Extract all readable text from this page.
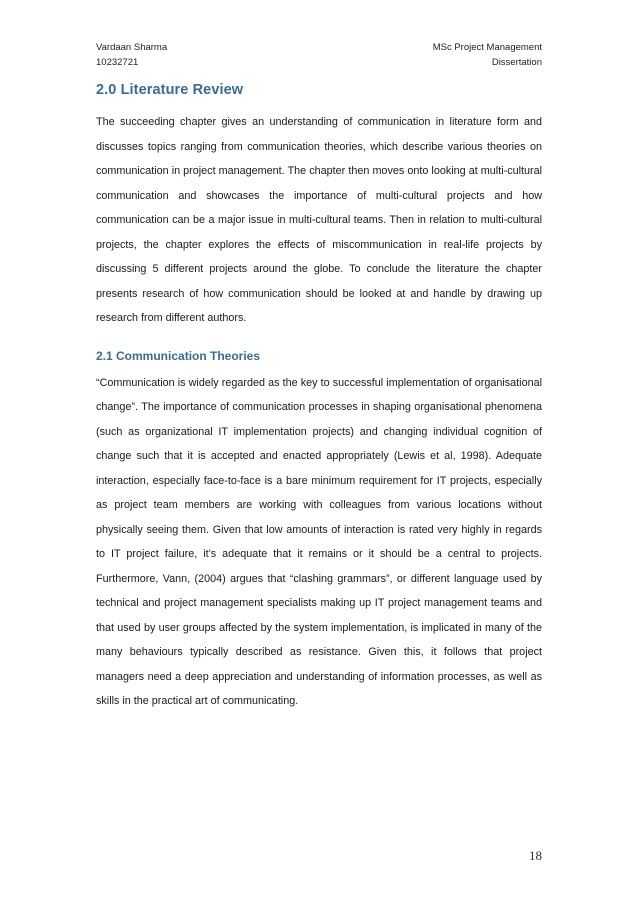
Vardaan Sharma
10232721
MSc Project Management
Dissertation
2.0 Literature Review

The succeeding chapter gives an understanding of communication in literature form and discusses topics ranging from communication theories, which describe various theories on communication in project management. The chapter then moves onto looking at multi-cultural communication and showcases the importance of multi-cultural projects and how communication can be a major issue in multi-cultural teams. Then in relation to multi-cultural projects, the chapter explores the effects of miscommunication in real-life projects by discussing 5 different projects around the globe. To conclude the literature the chapter presents research of how communication should be looked at and handle by drawing up research from different authors.

2.1 Communication Theories

“Communication is widely regarded as the key to successful implementation of organisational change”. The importance of communication processes in shaping organisational phenomena (such as organizational IT implementation projects) and changing individual cognition of change such that it is accepted and enacted appropriately (Lewis et al, 1998). Adequate interaction, especially face-to-face is a bare minimum requirement for IT projects, especially as project team members are working with colleagues from various locations without physically seeing them. Given that low amounts of interaction is rated very highly in regards to IT project failure, it’s adequate that it remains or it should be a central to projects. Furthermore, Vann, (2004) argues that “clashing grammars”, or different language used by technical and project management specialists making up IT project management teams and that used by user groups affected by the system implementation, is implicated in many of the many behaviours typically described as resistance. Given this, it follows that project managers need a deep appreciation and understanding of information processes, as well as skills in the practical art of communicating.

18
